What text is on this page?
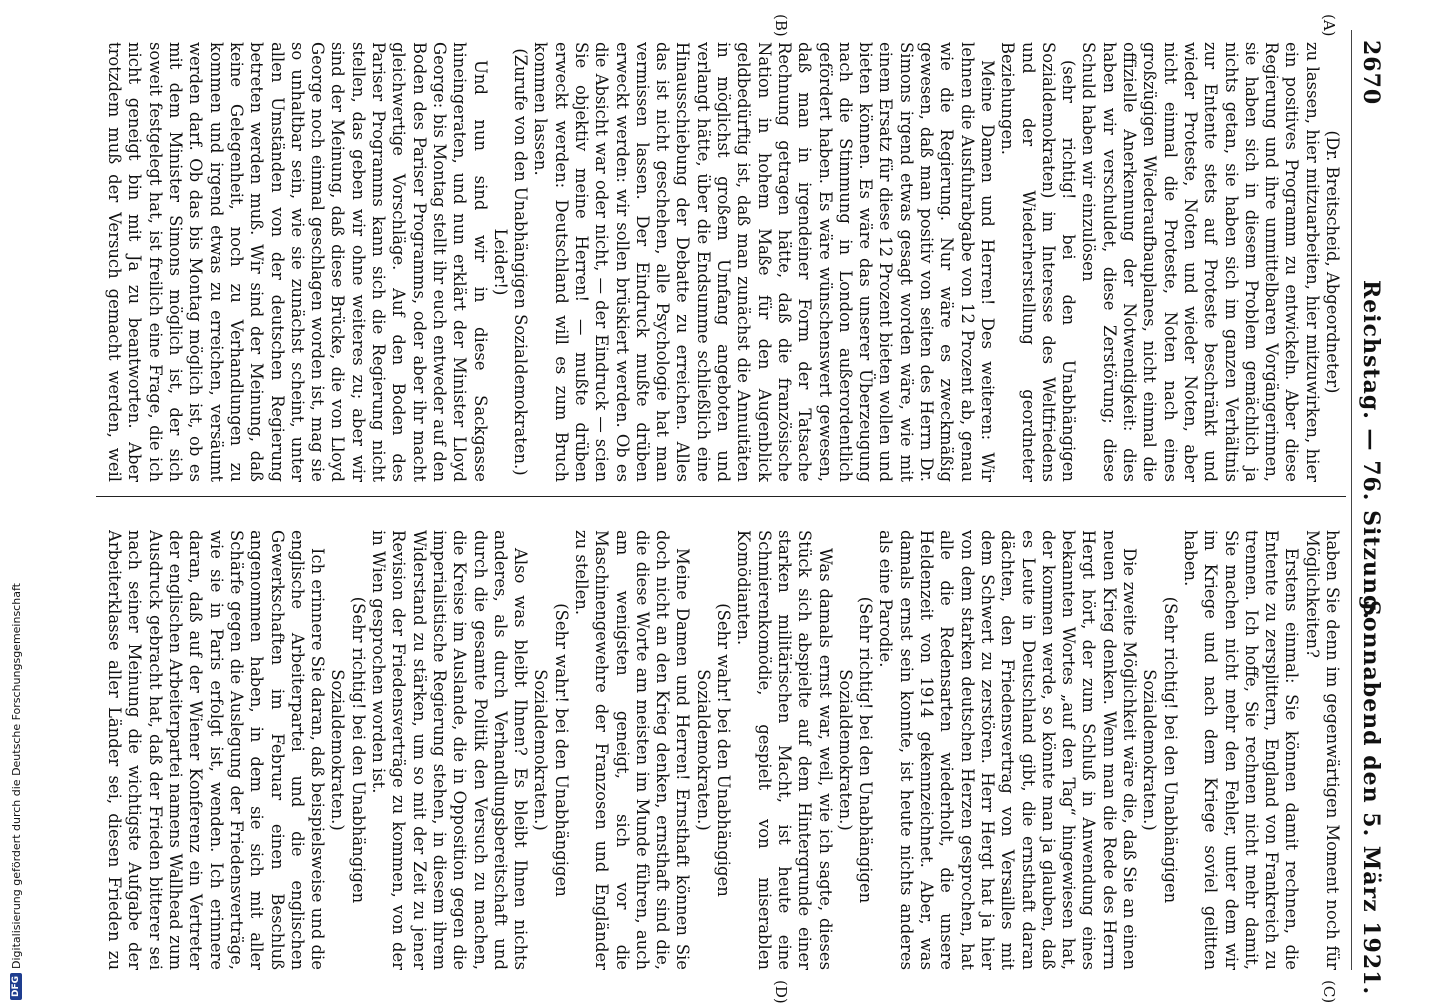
2670
Reichstag. — 76. Sitzung.
Sonnabend den 5. März 1921.
(A)
(B)
(C)
(D)

(Dr. Breitscheid, Abgeordneter)

zu lassen, hier mitzuarbeiten, hier mitzuwirken, hier ein positives Programm zu entwickeln. Aber diese Regierung und ihre unmittelbaren Vorgängerinnen, sie haben sich in diesem Problem gemächlich ja nichts getan, sie haben sich im ganzen Verhältnis zur Entente stets auf Proteste beschränkt und wieder Proteste, Noten und wieder Noten, aber nicht einmal die Proteste, Noten nach eines großzügigen Wiederaufbauplanes, nicht einmal die offizielle Anerkennung der Notwendigkeit: dies haben wir verschuldet, diese Zerstörung; diese Schuld haben wir einzulösen

(sehr richtig! bei den Unabhängigen Sozialdemokraten) im Interesse des Weltfriedens und der Wiederherstellung geordneter Beziehungen.

Meine Damen und Herren! Des weiteren: Wir lehnen die Ausfuhrabgabe von 12 Prozent ab, genau wie die Regierung. Nur wäre es zweckmäßig gewesen, daß man positiv von seiten des Herrn Dr. Simons irgend etwas gesagt worden wäre, wie mit einem Ersatz für diese 12 Prozent bieten wollen und bieten können. Es wäre das unserer Überzeugung nach die Stimmung in London außerordentlich gefördert haben. Es wäre wünschenswert gewesen, daß man in irgendeiner Form der Tatsache Rechnung getragen hätte, daß die französische Nation in hohem Maße für den Augenblick geldbedürftig ist, daß man zunächst die Annuitäten in möglichst großem Umfang angeboten und verlangt hätte, über die Endsumme schließlich eine Hinausschiebung der Debatte zu erreichen. Alles das ist nicht geschehen, alle Psychologie hat man vermissen lassen. Der Eindruck mußte drüben erweckt werden: wir sollen brüskiert werden. Ob es die Absicht war oder nicht, — der Eindruck — scien Sie objektiv meine Herren! — mußte drüben erweckt werden: Deutschland will es zum Bruch kommen lassen.

(Zurufe von den Unabhängigen Sozialdemokraten.)

Leider!)

Und nun sind wir in diese Sackgasse hineingeraten, und nun erklärt der Minister Lloyd George: bis Montag stellt ihr euch entweder auf den Boden des Pariser Programms, oder aber ihr macht gleichwertige Vorschläge. Auf den Boden des Pariser Programms kann sich die Regierung nicht stellen, das geben wir ohne weiteres zu; aber wir sind der Meinung, daß diese Brücke, die von Lloyd George noch einmal geschlagen worden ist, mag sie so unhaltbar sein, wie sie zunächst scheint, unter allen Umständen von der deutschen Regierung betreten werden muß. Wir sind der Meinung, daß keine Gelegenheit, noch zu Verhandlungen zu kommen und irgend etwas zu erreichen, versäumt werden darf. Ob das bis Montag möglich ist, ob es mit dem Minister Simons möglich ist, der sich soweit festgelegt hat, ist freilich eine Frage, die ich nicht geneigt bin mit Ja zu beantworten. Aber trotzdem muß der Versuch gemacht werden, weil

haben Sie denn im gegenwärtigen Moment noch für Möglichkeiten?

Erstens einmal: Sie können damit rechnen, die Entente zu zersplittern, England von Frankreich zu trennen. Ich hoffe, Sie rechnen nicht mehr damit, Sie machen nicht mehr den Fehler, unter dem wir im Kriege und nach dem Kriege soviel gelitten haben.

(Sehr richtig! bei den Unabhängigen Sozialdemokraten.)

Die zweite Möglichkeit wäre die, daß Sie an einen neuen Krieg denken. Wenn man die Rede des Herrn Hergt hört, der zum Schluß in Anwendung eines bekannten Wortes „auf den Tag“ hingewiesen hat, der kommen werde, so könnte man ja glauben, daß es Leute in Deutschland gibt, die ernsthaft daran dächten, den Friedensvertrag von Versailles mit dem Schwert zu zerstören. Herr Hergt hat ja hier von dem starken deutschen Herzen gesprochen, hat alle die Redensarten wiederholt, die unsere Heldenzeit von 1914 gekennzeichnet. Aber, was damals ernst sein konnte, ist heute nichts anderes als eine Parodie.

(Sehr richtig! bei den Unabhängigen Sozialdemokraten.)

Was damals ernst war, weil, wie ich sagte, dieses Stück sich abspielte auf dem Hintergrunde einer starken militärischen Macht, ist heute eine Schmierenkomödie, gespielt von miserablen Komödianten.

(Sehr wahr! bei den Unabhängigen Sozialdemokraten.)

Meine Damen und Herren! Ernsthaft können Sie doch nicht an den Krieg denken, ernsthaft sind die, die diese Worte am meisten im Munde führen, auch am wenigsten geneigt, sich vor die Maschinengewehre der Franzosen und Engländer zu stellen.

(Sehr wahr! bei den Unabhängigen Sozialdemokraten.)

Also was bleibt Ihnen? Es bleibt Ihnen nichts anderes, als durch Verhandlungsbereitschaft und durch die gesamte Politik den Versuch zu machen, die Kreise im Auslande, die in Opposition gegen die imperialistische Regierung stehen, in diesem ihrem Widerstand zu stärken, um so mit der Zeit zu jener Revision der Friedensverträge zu kommen, von der in Wien gesprochen worden ist.

(Sehr richtig! bei den Unabhängigen Sozialdemokraten.)

Ich erinnere Sie daran, daß beispielsweise und die englische Arbeiterpartei und die englischen Gewerkschaften im Februar einen Beschluß angenommen haben, in dem sie sich mit aller Schärfe gegen die Auslegung der Friedensverträge, wie sie in Paris erfolgt ist, wenden. Ich erinnere daran, daß auf der Wiener Konferenz ein Vertreter der englischen Arbeiterpartei namens Wallhead zum Ausdruck gebracht hat, daß der Frieden bitterer sei nach seiner Meinung die wichtigste Aufgabe der Arbeiterklasse aller Länder sei, diesen Frieden zu

DFG
Digitalisierung gefördert durch die Deutsche Forschungsgemeinschaft
